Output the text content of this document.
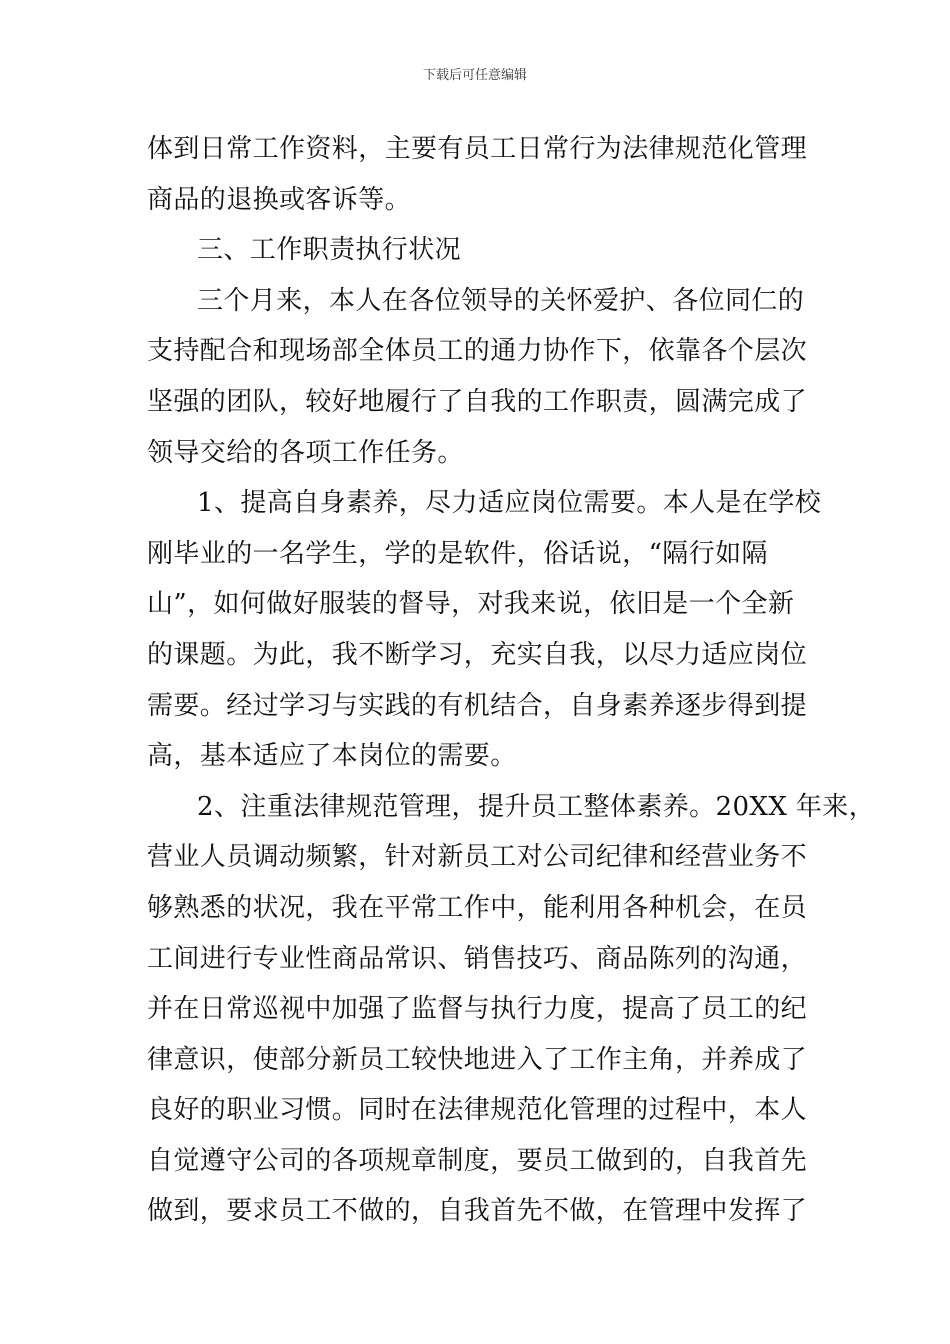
下载后可任意编辑
体到日常工作资料，主要有员工日常行为法律规范化管理
商品的退换或客诉等。
三、工作职责执行状况
三个月来，本人在各位领导的关怀爱护、各位同仁的
支持配合和现场部全体员工的通力协作下，依靠各个层次
坚强的团队，较好地履行了自我的工作职责，圆满完成了
领导交给的各项工作任务。
1、提高自身素养，尽力适应岗位需要。本人是在学校
刚毕业的一名学生，学的是软件，俗话说，“隔行如隔
山”，如何做好服装的督导，对我来说，依旧是一个全新
的课题。为此，我不断学习，充实自我，以尽力适应岗位
需要。经过学习与实践的有机结合，自身素养逐步得到提
高，基本适应了本岗位的需要。
2、注重法律规范管理，提升员工整体素养。20XX 年来，
营业人员调动频繁，针对新员工对公司纪律和经营业务不
够熟悉的状况，我在平常工作中，能利用各种机会，在员
工间进行专业性商品常识、销售技巧、商品陈列的沟通，
并在日常巡视中加强了监督与执行力度，提高了员工的纪
律意识，使部分新员工较快地进入了工作主角，并养成了
良好的职业习惯。同时在法律规范化管理的过程中，本人
自觉遵守公司的各项规章制度，要员工做到的，自我首先
做到，要求员工不做的，自我首先不做，在管理中发挥了
